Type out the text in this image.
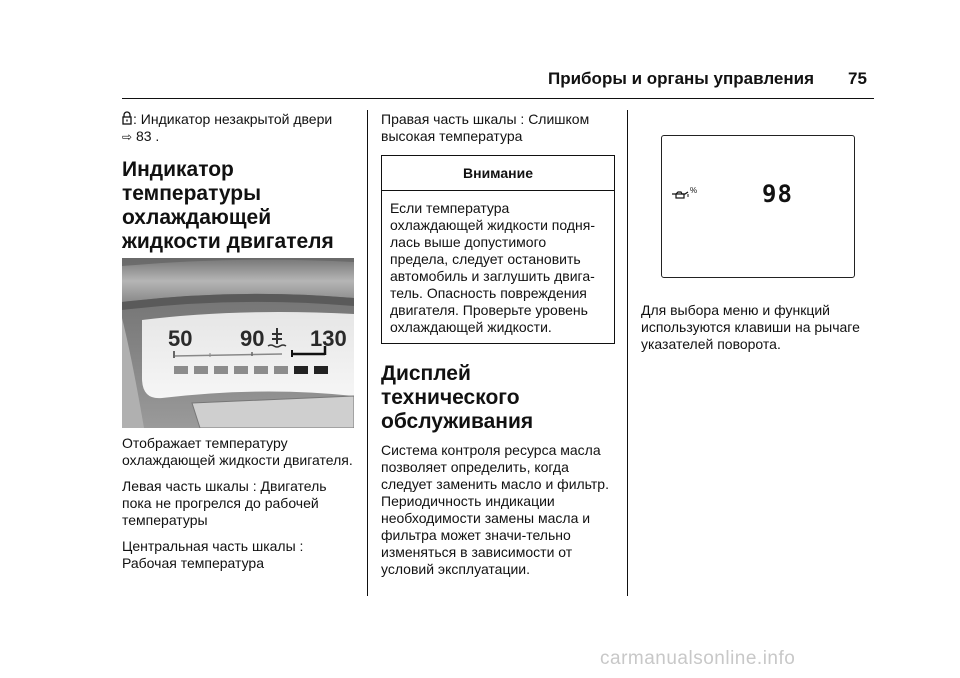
Приборы и органы управления 75

: Индикатор незакрытой двери
⇨ 83 .

Индикатор температуры охлаждающей жидкости двигателя
50 90 130

Отображает температуру охлаждающей жидкости двигателя.

Левая часть шкалы : Двигатель пока не прогрелся до рабочей температуры

Центральная часть шкалы : Рабочая температура

Правая часть шкалы : Слишком высокая температура

Внимание
Если температура охлаждающей жидкости подня-лась выше допустимого предела, следует остановить автомобиль и заглушить двига-тель. Опасность повреждения двигателя. Проверьте уровень охлаждающей жидкости.
Дисплей технического обслуживания

Система контроля ресурса масла позволяет определить, когда следует заменить масло и фильтр. Периодичность индикации необходимости замены масла и фильтра может значи-тельно изменяться в зависимости от условий эксплуатации.

%	98

Для выбора меню и функций используются клавиши на рычаге указателей поворота.

carmanualsonline.info
